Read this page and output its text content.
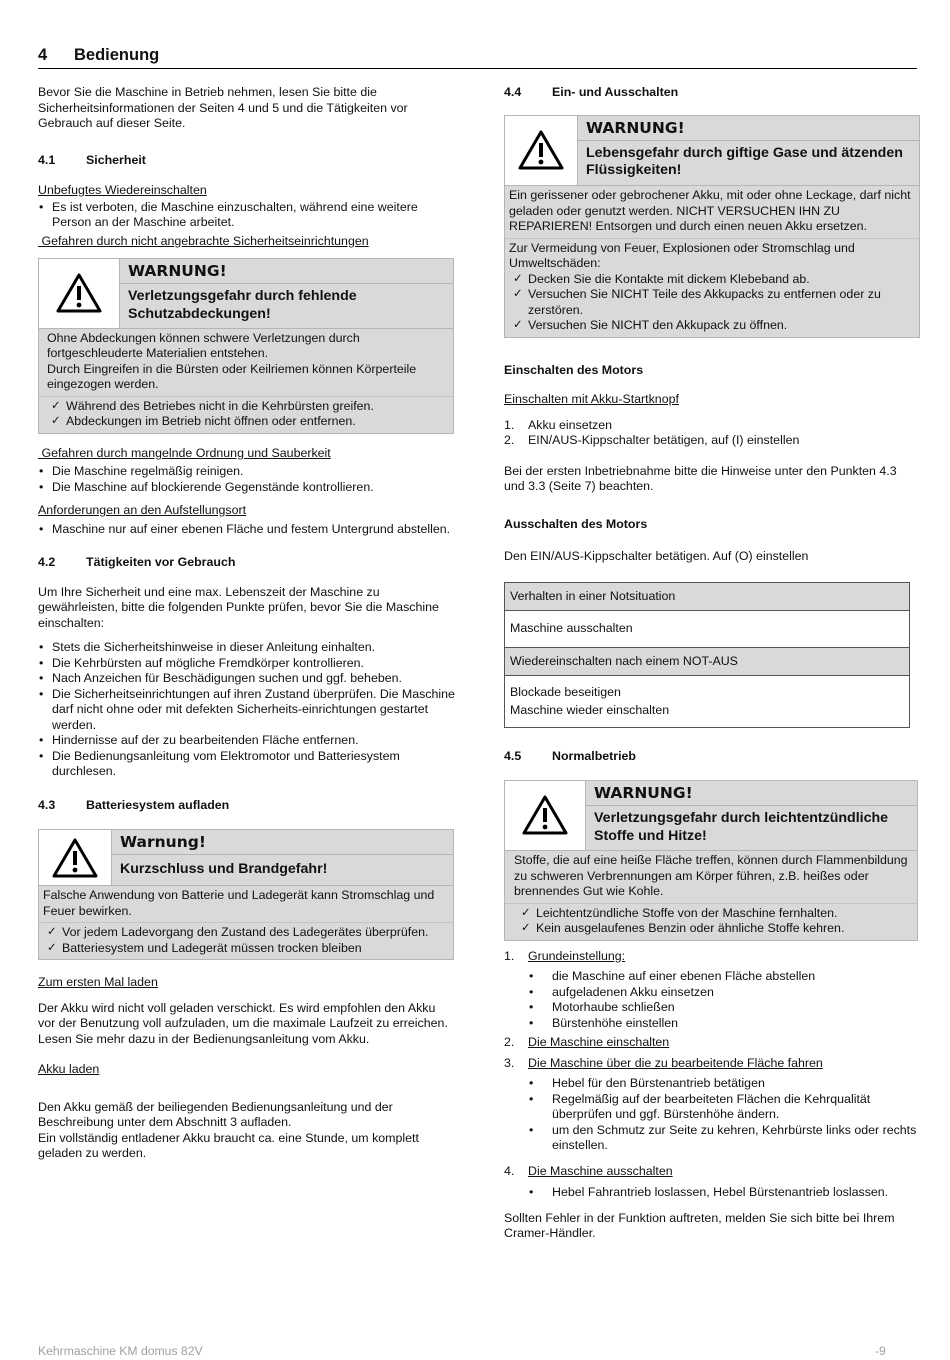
4 Bedienung

Bevor Sie die Maschine in Betrieb nehmen, lesen Sie bitte die Sicherheitsinformationen der Seiten 4 und 5 und die Tätigkeiten vor Gebrauch auf dieser Seite.

4.1 Sicherheit

Unbefugtes Wiedereinschalten

• Es ist verboten, die Maschine einzuschalten, während eine weitere Person an der Maschine arbeitet.

Gefahren durch nicht angebrachte Sicherheitseinrichtungen

WARNUNG!
Verletzungsgefahr durch fehlende Schutzabdeckungen!

Ohne Abdeckungen können schwere Verletzungen durch fortgeschleuderte Materialien entstehen.

Durch Eingreifen in die Bürsten oder Keilriemen können Körperteile eingezogen werden.

✓ Während des Betriebes nicht in die Kehrbürsten greifen.
✓ Abdeckungen im Betrieb nicht öffnen oder entfernen.

Gefahren durch mangelnde Ordnung und Sauberkeit

• Die Maschine regelmäßig reinigen.
• Die Maschine auf blockierende Gegenstände kontrollieren.

Anforderungen an den Aufstellungsort

• Maschine nur auf einer ebenen Fläche und festem Untergrund abstellen.

4.2 Tätigkeiten vor Gebrauch

Um Ihre Sicherheit und eine max. Lebenszeit der Maschine zu gewährleisten, bitte die folgenden Punkte prüfen, bevor Sie die Maschine einschalten:

• Stets die Sicherheitshinweise in dieser Anleitung einhalten.
• Die Kehrbürsten auf mögliche Fremdkörper kontrollieren.
• Nach Anzeichen für Beschädigungen suchen und ggf. beheben.
• Die Sicherheitseinrichtungen auf ihren Zustand überprüfen. Die Maschine darf nicht ohne oder mit defekten Sicherheits-einrichtungen gestartet werden.
• Hindernisse auf der zu bearbeitenden Fläche entfernen.
• Die Bedienungsanleitung vom Elektromotor und Batteriesystem durchlesen.

4.3 Batteriesystem aufladen

Warnung!
Kurzschluss und Brandgefahr!

Falsche Anwendung von Batterie und Ladegerät kann Stromschlag und Feuer bewirken.

✓ Vor jedem Ladevorgang den Zustand des Ladegerätes überprüfen.
✓ Batteriesystem und Ladegerät müssen trocken bleiben

Zum ersten Mal laden

Der Akku wird nicht voll geladen verschickt. Es wird empfohlen den Akku vor der Benutzung voll aufzuladen, um die maximale Laufzeit zu erreichen. Lesen Sie mehr dazu in der Bedienungsanleitung vom Akku.

Akku laden

Den Akku gemäß der beiliegenden Bedienungsanleitung und der Beschreibung unter dem Abschnitt 3 aufladen.

Ein vollständig entladener Akku braucht ca. eine Stunde, um komplett geladen zu werden.

4.4 Ein- und Ausschalten

WARNUNG!
Lebensgefahr durch giftige Gase und ätzenden Flüssigkeiten!

Ein gerissener oder gebrochener Akku, mit oder ohne Leckage, darf nicht geladen oder genutzt werden. NICHT VERSUCHEN IHN ZU REPARIEREN! Entsorgen und durch einen neuen Akku ersetzen.

Zur Vermeidung von Feuer, Explosionen oder Stromschlag und Umweltschäden:

✓ Decken Sie die Kontakte mit dickem Klebeband ab.
✓ Versuchen Sie NICHT Teile des Akkupacks zu entfernen oder zu zerstören.
✓ Versuchen Sie NICHT den Akkupack zu öffnen.

Einschalten des Motors

Einschalten mit Akku-Startknopf

1. Akku einsetzen
2. EIN/AUS-Kippschalter betätigen, auf (I) einstellen

Bei der ersten Inbetriebnahme bitte die Hinweise unter den Punkten 4.3 und 3.3 (Seite 7) beachten.

Ausschalten des Motors

Den EIN/AUS-Kippschalter betätigen. Auf (O) einstellen

Verhalten in einer Notsituation
Maschine ausschalten
Wiedereinschalten nach einem NOT-AUS

Blockade beseitigen
Maschine wieder einschalten

4.5 Normalbetrieb

WARNUNG!
Verletzungsgefahr durch leichtentzündliche Stoffe und Hitze!

Stoffe, die auf eine heiße Fläche treffen, können durch Flammenbildung zu schweren Verbrennungen am Körper führen, z.B. heißes oder brennendes Gut wie Kohle.

✓ Leichtentzündliche Stoffe von der Maschine fernhalten.
✓ Kein ausgelaufenes Benzin oder ähnliche Stoffe kehren.
1. Grundeinstellung:
• die Maschine auf einer ebenen Fläche abstellen
• aufgeladenen Akku einsetzen
• Motorhaube schließen
• Bürstenhöhe einstellen
2. Die Maschine einschalten
3. Die Maschine über die zu bearbeitende Fläche fahren
• Hebel für den Bürstenantrieb betätigen
• Regelmäßig auf der bearbeiteten Flächen die Kehrqualität überprüfen und ggf. Bürstenhöhe ändern.
• um den Schmutz zur Seite zu kehren, Kehrbürste links oder rechts einstellen.
4. Die Maschine ausschalten
• Hebel Fahrantrieb loslassen, Hebel Bürstenantrieb loslassen.

Sollten Fehler in der Funktion auftreten, melden Sie sich bitte bei Ihrem Cramer-Händler.

Kehrmaschine KM domus 82V	-9
